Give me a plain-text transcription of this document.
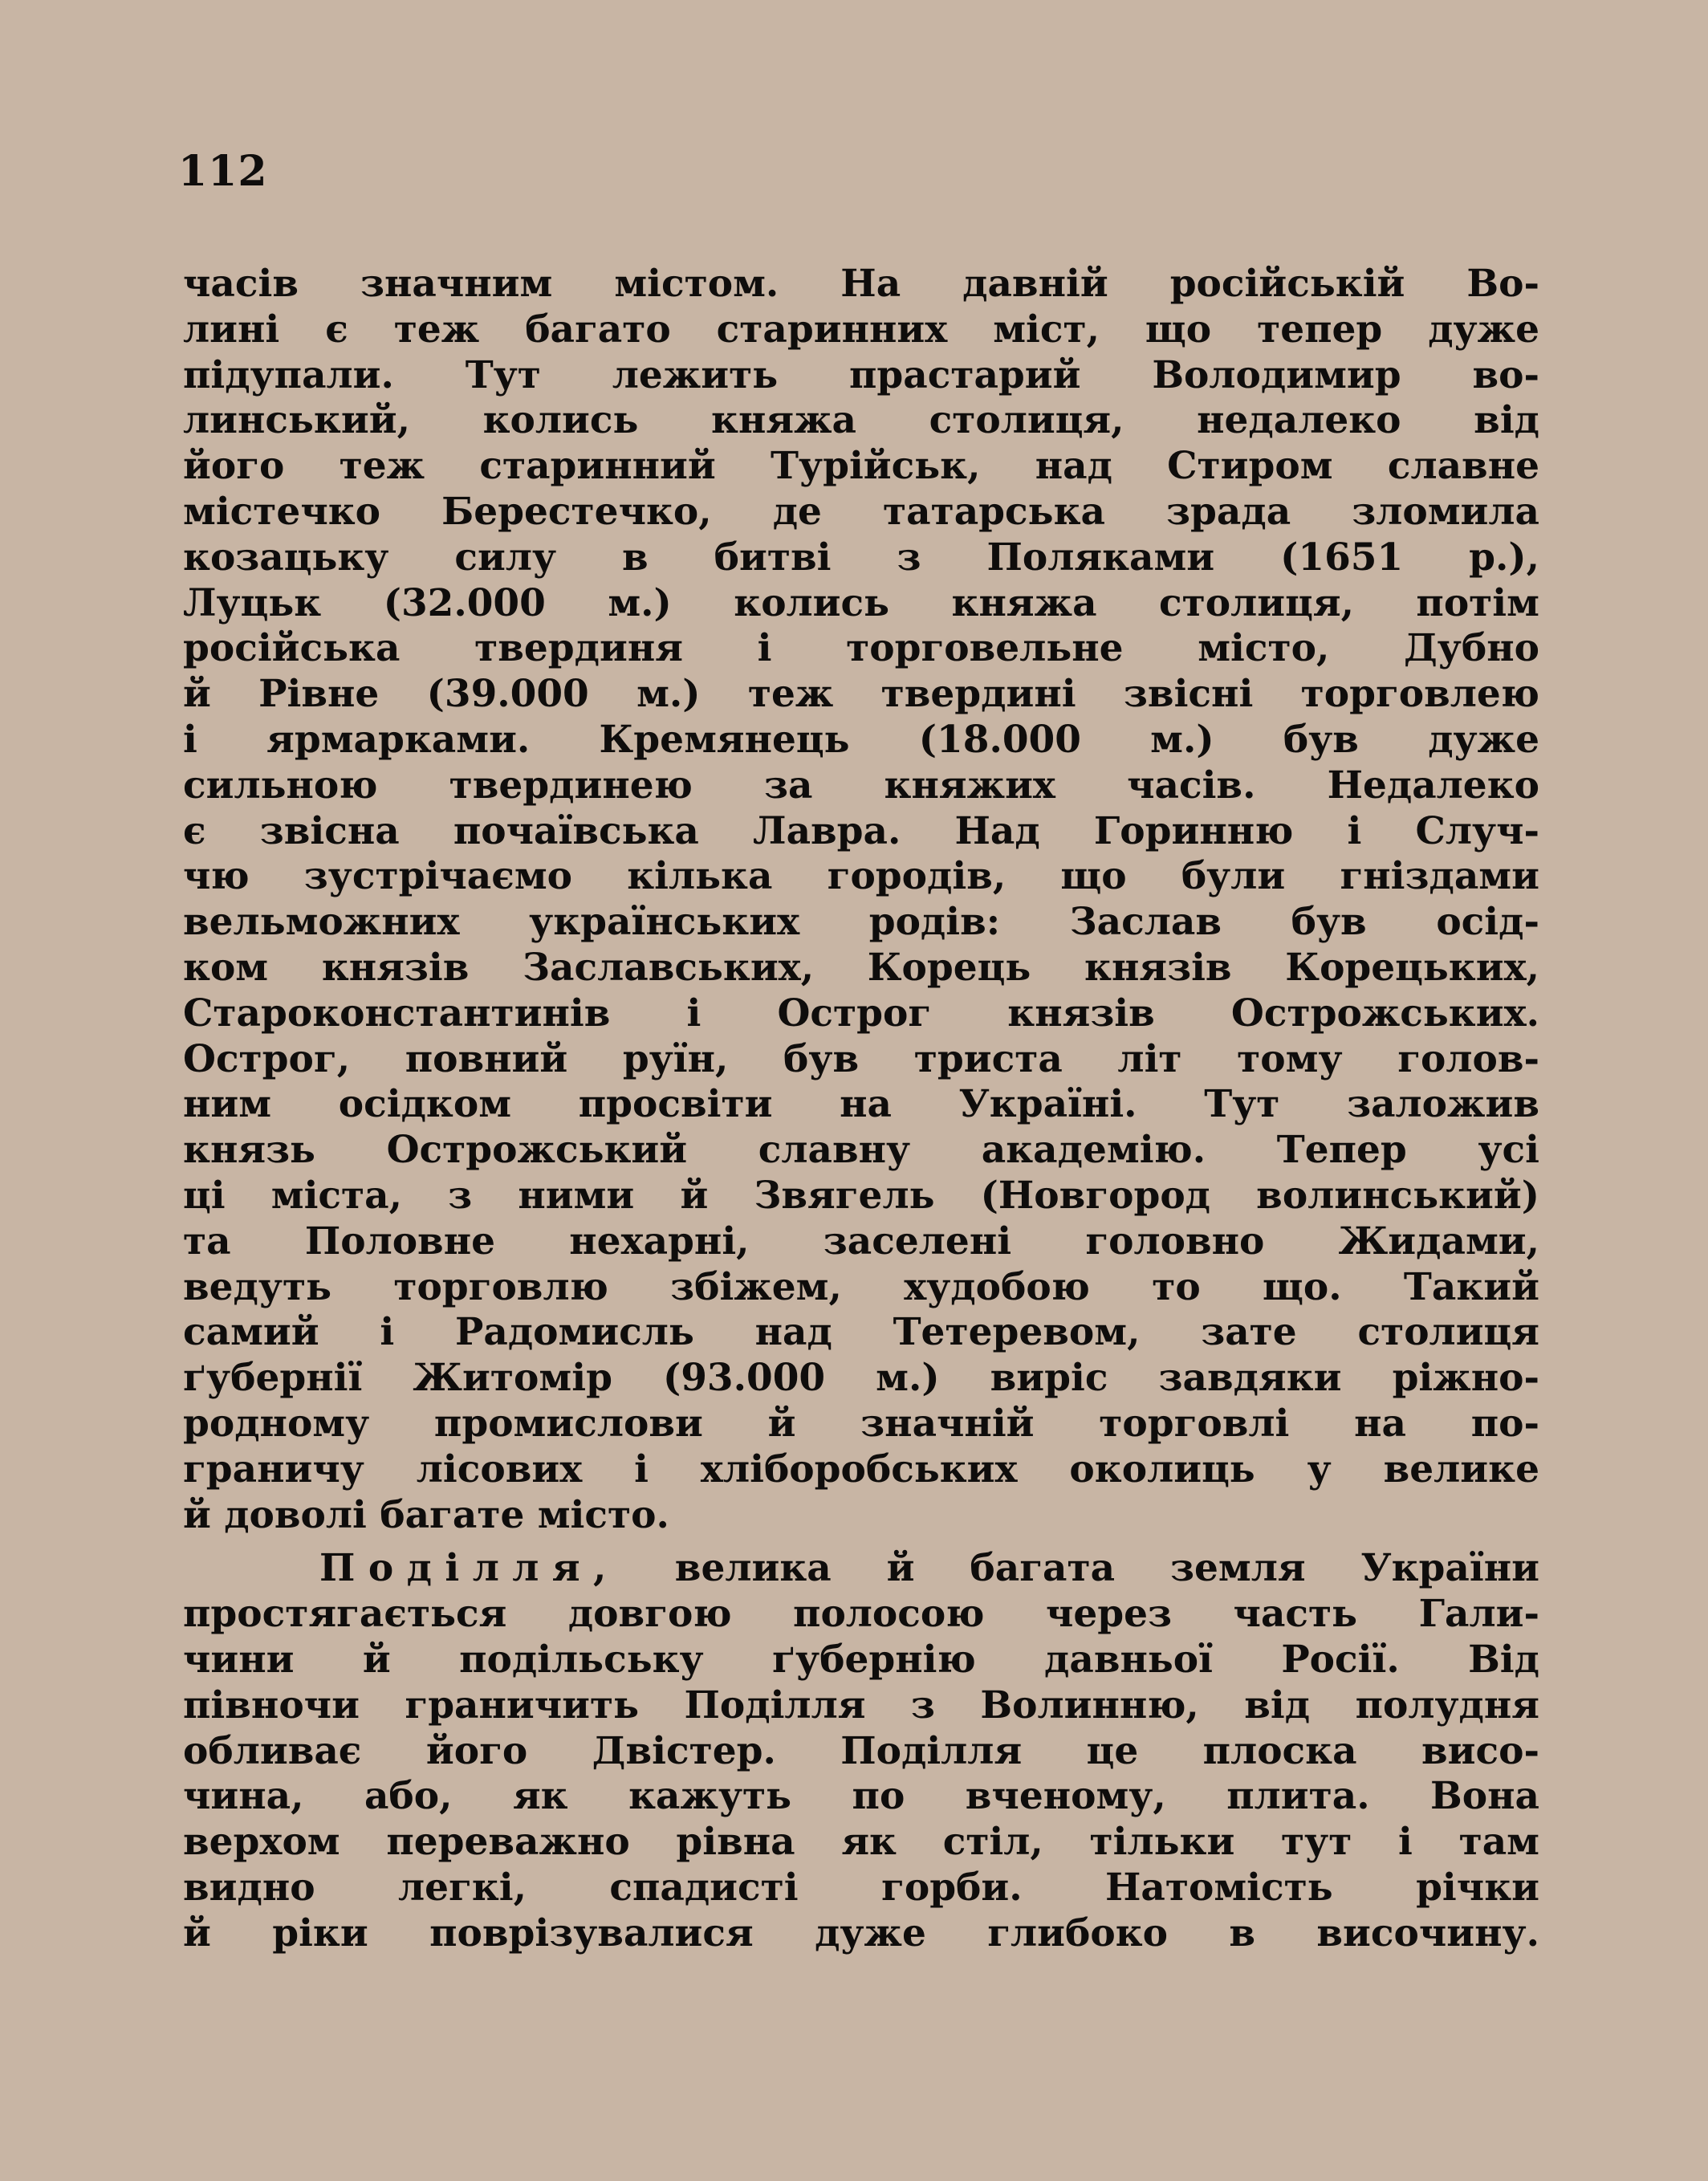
112
часів значним містом. На давній російській Во-
лині є теж багато старинних міст, що тепер дуже
підупали. Тут лежить прастарий Володимир во-
линський, колись княжа столиця, недалеко від
його теж старинний Турійськ, над Стиром славне
містечко Берестечко, де татарська зрада зломила
козацьку силу в битві з Поляками (1651 р.),
Луцьк (32.000 м.) колись княжа столиця, потім
російська твердиня і торговельне місто, Дубно
й Рівне (39.000 м.) теж твердині звісні торговлею
і ярмарками. Кремянець (18.000 м.) був дуже
сильною твердинею за княжих часів. Недалеко
є звісна почаївська Лавра. Над Горинню і Случ-
чю зустрічаємо кілька городів, що були гніздами
вельможних українських родів: Заслав був осід-
ком князів Заславських, Корець князів Корецьких,
Староконстантинів і Острог князів Острожських.
Острог, повний руїн, був триста літ тому голов-
ним осідком просвіти на Україні. Тут заложив
князь Острожський славну академію. Тепер усі
ці міста, з ними й Звягель (Новгород волинський)
та Половне нехарні, заселені головно Жидами,
ведуть торговлю збіжем, худобою то що. Такий
самий і Радомисль над Тетеревом, зате столиця
ґубернії Житомір (93.000 м.) виріс завдяки ріжно-
родному промислови й значній торговлі на по-
граничу лісових і хліборобських околиць у велике
й доволі багате місто.
Поділля, велика й багата земля України
простягається довгою полосою через часть Гали-
чини й подільську ґубернію давньої Росії. Від
півночи граничить Поділля з Волинню, від полудня
обливає його Двістер. Поділля це плоска висо-
чина, або, як кажуть по вченому, плита. Вона
верхом переважно рівна як стіл, тільки тут і там
видно легкі, спадисті горби. Натомість річки
й ріки поврізувалися дуже глибоко в височину.
